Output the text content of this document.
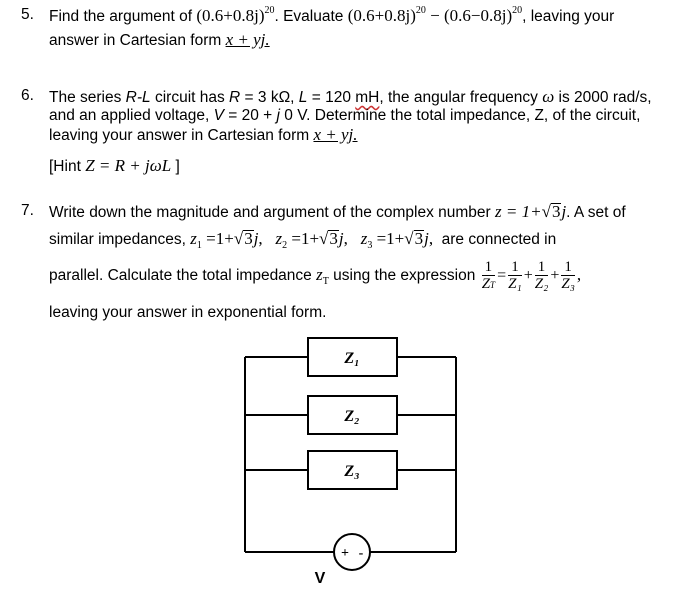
5. Find the argument of $(0.6+0.8j)^{20}$. Evaluate $(0.6+0.8j)^{20} - (0.6-0.8j)^{20}$, leaving your
answer in Cartesian form x + yj.
6. The series R-L circuit has R = 3 kΩ, L = 120 mH, the angular frequency ω is 2000 rad/s,
and an applied voltage, V = 20 + j 0 V. Determine the total impedance, Z, of the circuit,
leaving your answer in Cartesian form x + yj.
[Hint Z = R + jωL ]
7. Write down the magnitude and argument of the complex number z = 1+√3j. A set of
similar impedances, $z_1 =1+√3j$,   $z_2 =1+√3j$,   $z_3 =1+√3j$,  are connected in
parallel. Calculate the total impedance $z_T$ using the expression $\frac{1}{ZT} = \frac{1}{\text{Z₁}} + \frac{1}{\text{Z₂}} + \frac{1}{\text{Z₃}}$ ,
leaving your answer in exponential form.
Z₁
Z₂
Z₃
+ -
V
